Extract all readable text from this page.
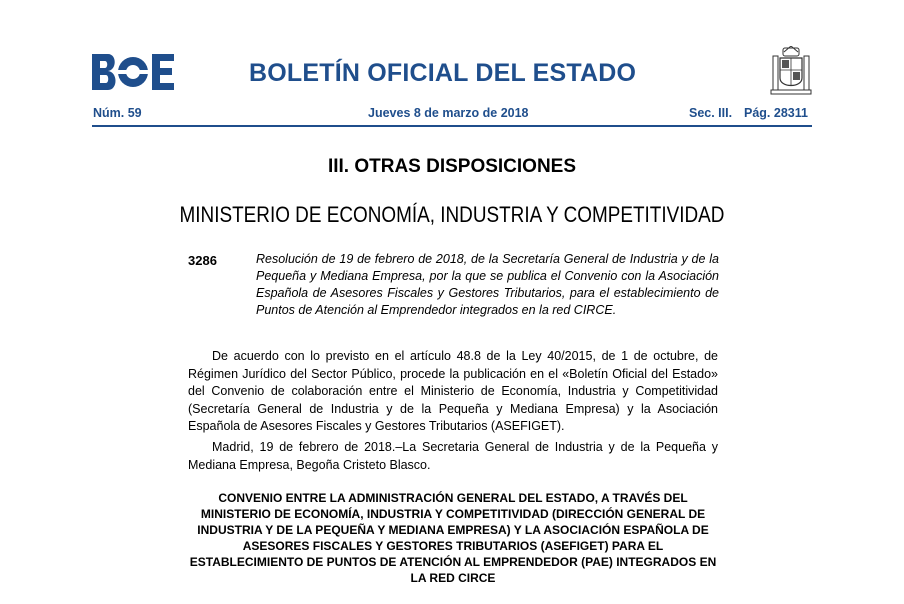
BOLETÍN OFICIAL DEL ESTADO
Núm. 59	Jueves 8 de marzo de 2018	Sec. III. Pág. 28311
III. OTRAS DISPOSICIONES
MINISTERIO DE ECONOMÍA, INDUSTRIA Y COMPETITIVIDAD
3286	Resolución de 19 de febrero de 2018, de la Secretaría General de Industria y de la Pequeña y Mediana Empresa, por la que se publica el Convenio con la Asociación Española de Asesores Fiscales y Gestores Tributarios, para el establecimiento de Puntos de Atención al Emprendedor integrados en la red CIRCE.
De acuerdo con lo previsto en el artículo 48.8 de la Ley 40/2015, de 1 de octubre, de Régimen Jurídico del Sector Público, procede la publicación en el «Boletín Oficial del Estado» del Convenio de colaboración entre el Ministerio de Economía, Industria y Competitividad (Secretaría General de Industria y de la Pequeña y Mediana Empresa) y la Asociación Española de Asesores Fiscales y Gestores Tributarios (ASEFIGET).
Madrid, 19 de febrero de 2018.–La Secretaria General de Industria y de la Pequeña y Mediana Empresa, Begoña Cristeto Blasco.
CONVENIO ENTRE LA ADMINISTRACIÓN GENERAL DEL ESTADO, A TRAVÉS DEL MINISTERIO DE ECONOMÍA, INDUSTRIA Y COMPETITIVIDAD (DIRECCIÓN GENERAL DE INDUSTRIA Y DE LA PEQUEÑA Y MEDIANA EMPRESA) Y LA ASOCIACIÓN ESPAÑOLA DE ASESORES FISCALES Y GESTORES TRIBUTARIOS (ASEFIGET) PARA EL ESTABLECIMIENTO DE PUNTOS DE ATENCIÓN AL EMPRENDEDOR (PAE) INTEGRADOS EN LA RED CIRCE
